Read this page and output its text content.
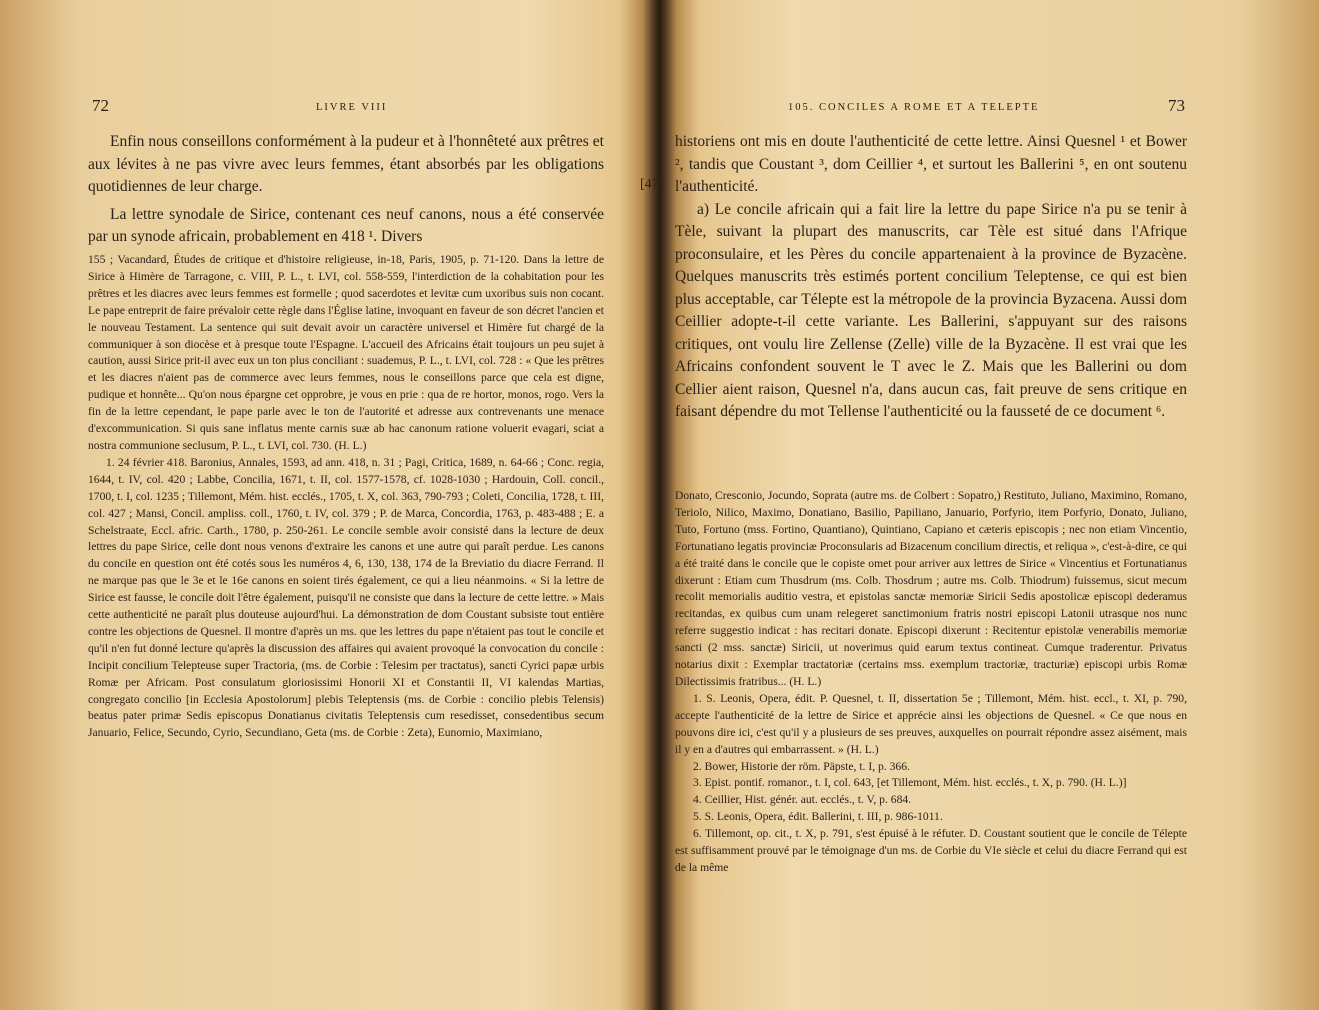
72	LIVRE VIII

Enfin nous conseillons conformément à la pudeur et à l'honnêteté aux prêtres et aux lévites à ne pas vivre avec leurs femmes, étant absorbés par les obligations quotidiennes de leur charge.

La lettre synodale de Sirice, contenant ces neuf canons, nous a été conservée par un synode africain, probablement en 418 ¹. Divers

155 ; Vacandard, Études de critique et d'histoire religieuse, in-18, Paris, 1905, p. 71-120. Dans la lettre de Sirice à Himère de Tarragone, c. VIII, P. L., t. LVI, col. 558-559, l'interdiction de la cohabitation pour les prêtres et les diacres avec leurs femmes est formelle ; quod sacerdotes et levitæ cum uxoribus suis non cocant. Le pape entreprit de faire prévaloir cette règle dans l'Église latine, invoquant en faveur de son décret l'ancien et le nouveau Testament. La sentence qui suit devait avoir un caractère universel et Himère fut chargé de la communiquer à son diocèse et à presque toute l'Espagne. L'accueil des Africains était toujours un peu sujet à caution, aussi Sirice prit-il avec eux un ton plus conciliant : suademus, P. L., t. LVI, col. 728 : « Que les prêtres et les diacres n'aient pas de commerce avec leurs femmes, nous le conseillons parce que cela est digne, pudique et honnête... Qu'on nous épargne cet opprobre, je vous en prie : qua de re hortor, monos, rogo. Vers la fin de la lettre cependant, le pape parle avec le ton de l'autorité et adresse aux contrevenants une menace d'excommunication. Si quis sane inflatus mente carnis suæ ab hac canonum ratione voluerit evagari, sciat a nostra communione seclusum, P. L., t. LVI, col. 730. (H. L.)

1. 24 février 418. Baronius, Annales, 1593, ad ann. 418, n. 31 ; Pagi, Critica, 1689, n. 64-66 ; Conc. regia, 1644, t. IV, col. 420 ; Labbe, Concilia, 1671, t. II, col. 1577-1578, cf. 1028-1030 ; Hardouin, Coll. concil., 1700, t. I, col. 1235 ; Tillemont, Mém. hist. ecclés., 1705, t. X, col. 363, 790-793 ; Coleti, Concilia, 1728, t. III, col. 427 ; Mansi, Concil. ampliss. coll., 1760, t. IV, col. 379 ; P. de Marca, Concordia, 1763, p. 483-488 ; E. a Schelstraate, Eccl. afric. Carth., 1780, p. 250-261. Le concile semble avoir consisté dans la lecture de deux lettres du pape Sirice, celle dont nous venons d'extraire les canons et une autre qui paraît perdue. Les canons du concile en question ont été cotés sous les numéros 4, 6, 130, 138, 174 de la Breviatio du diacre Ferrand. Il ne marque pas que le 3e et le 16e canons en soient tirés également, ce qui a lieu néanmoins. « Si la lettre de Sirice est fausse, le concile doit l'être également, puisqu'il ne consiste que dans la lecture de cette lettre. » Mais cette authenticité ne paraît plus douteuse aujourd'hui. La démonstration de dom Coustant subsiste tout entière contre les objections de Quesnel. Il montre d'après un ms. que les lettres du pape n'étaient pas tout le concile et qu'il n'en fut donné lecture qu'après la discussion des affaires qui avaient provoqué la convocation du concile : Incipit concilium Telepteuse super Tractoria, (ms. de Corbie : Telesim per tractatus), sancti Cyrici papæ urbis Romæ per Africam. Post consulatum gloriosissimi Honorii XI et Constantii II, VI kalendas Martias, congregato concilio [in Ecclesia Apostolorum] plebis Teleptensis (ms. de Corbie : concilio plebis Telensis) beatus pater primæ Sedis episcopus Donatianus civitatis Teleptensis cum resedisset, consedentibus secum Januario, Felice, Secundo, Cyrio, Secundiano, Geta (ms. de Corbie : Zeta), Eunomio, Maximiano,

105. CONCILES A ROME ET A TELEPTE	73
[47]

historiens ont mis en doute l'authenticité de cette lettre. Ainsi Quesnel ¹ et Bower ², tandis que Coustant ³, dom Ceillier ⁴, et surtout les Ballerini ⁵, en ont soutenu l'authenticité.

a) Le concile africain qui a fait lire la lettre du pape Sirice n'a pu se tenir à Tèle, suivant la plupart des manuscrits, car Tèle est situé dans l'Afrique proconsulaire, et les Pères du concile appartenaient à la province de Byzacène. Quelques manuscrits très estimés portent concilium Teleptense, ce qui est bien plus acceptable, car Télepte est la métropole de la provincia Byzacena. Aussi dom Ceillier adopte-t-il cette variante. Les Ballerini, s'appuyant sur des raisons critiques, ont voulu lire Zellense (Zelle) ville de la Byzacène. Il est vrai que les Africains confondent souvent le T avec le Z. Mais que les Ballerini ou dom Cellier aient raison, Quesnel n'a, dans aucun cas, fait preuve de sens critique en faisant dépendre du mot Tellense l'authenticité ou la fausseté de ce document ⁶.

Donato, Cresconio, Jocundo, Soprata (autre ms. de Colbert : Sopatro,) Restituto, Juliano, Maximino, Romano, Teriolo, Nilico, Maximo, Donatiano, Basilio, Papiliano, Januario, Porfyrio, item Porfyrio, Donato, Juliano, Tuto, Fortuno (mss. Fortino, Quantiano), Quintiano, Capiano et cæteris episcopis ; nec non etiam Vincentio, Fortunatiano legatis provinciæ Proconsularis ad Bizacenum concilium directis, et reliqua », c'est-à-dire, ce qui a été traité dans le concile que le copiste omet pour arriver aux lettres de Sirice « Vincentius et Fortunatianus dixerunt : Etiam cum Thusdrum (ms. Colb. Thosdrum ; autre ms. Colb. Thiodrum) fuissemus, sicut mecum recolit memorialis auditio vestra, et epistolas sanctæ memoriæ Siricii Sedis apostolicæ episcopi dederamus recitandas, ex quibus cum unam relegeret sanctimonium fratris nostri episcopi Latonii utrasque nos nunc referre suggestio indicat : has recitari donate. Episcopi dixerunt : Recitentur epistolæ venerabilis memoriæ sancti (2 mss. sanctæ) Siricii, ut noverimus quid earum textus contineat. Cumque traderentur. Privatus notarius dixit : Exemplar tractatoriæ (certains mss. exemplum tractoriæ, tracturiæ) episcopi urbis Romæ Dilectissimis fratribus... (H. L.)

1. S. Leonis, Opera, édit. P. Quesnel, t. II, dissertation 5e ; Tillemont, Mém. hist. eccl., t. XI, p. 790, accepte l'authenticité de la lettre de Sirice et apprécie ainsi les objections de Quesnel. « Ce que nous en pouvons dire ici, c'est qu'il y a plusieurs de ses preuves, auxquelles on pourrait répondre assez aisément, mais il y en a d'autres qui embarrassent. » (H. L.)

2. Bower, Historie der röm. Päpste, t. I, p. 366.

3. Epist. pontif. romanor., t. I, col. 643, [et Tillemont, Mém. hist. ecclés., t. X, p. 790. (H. L.)]

4. Ceillier, Hist. génér. aut. ecclés., t. V, p. 684.

5. S. Leonis, Opera, édit. Ballerini, t. III, p. 986-1011.

6. Tillemont, op. cit., t. X, p. 791, s'est épuisé à le réfuter. D. Coustant soutient que le concile de Télepte est suffisamment prouvé par le témoignage d'un ms. de Corbie du VIe siècle et celui du diacre Ferrand qui est de la même
